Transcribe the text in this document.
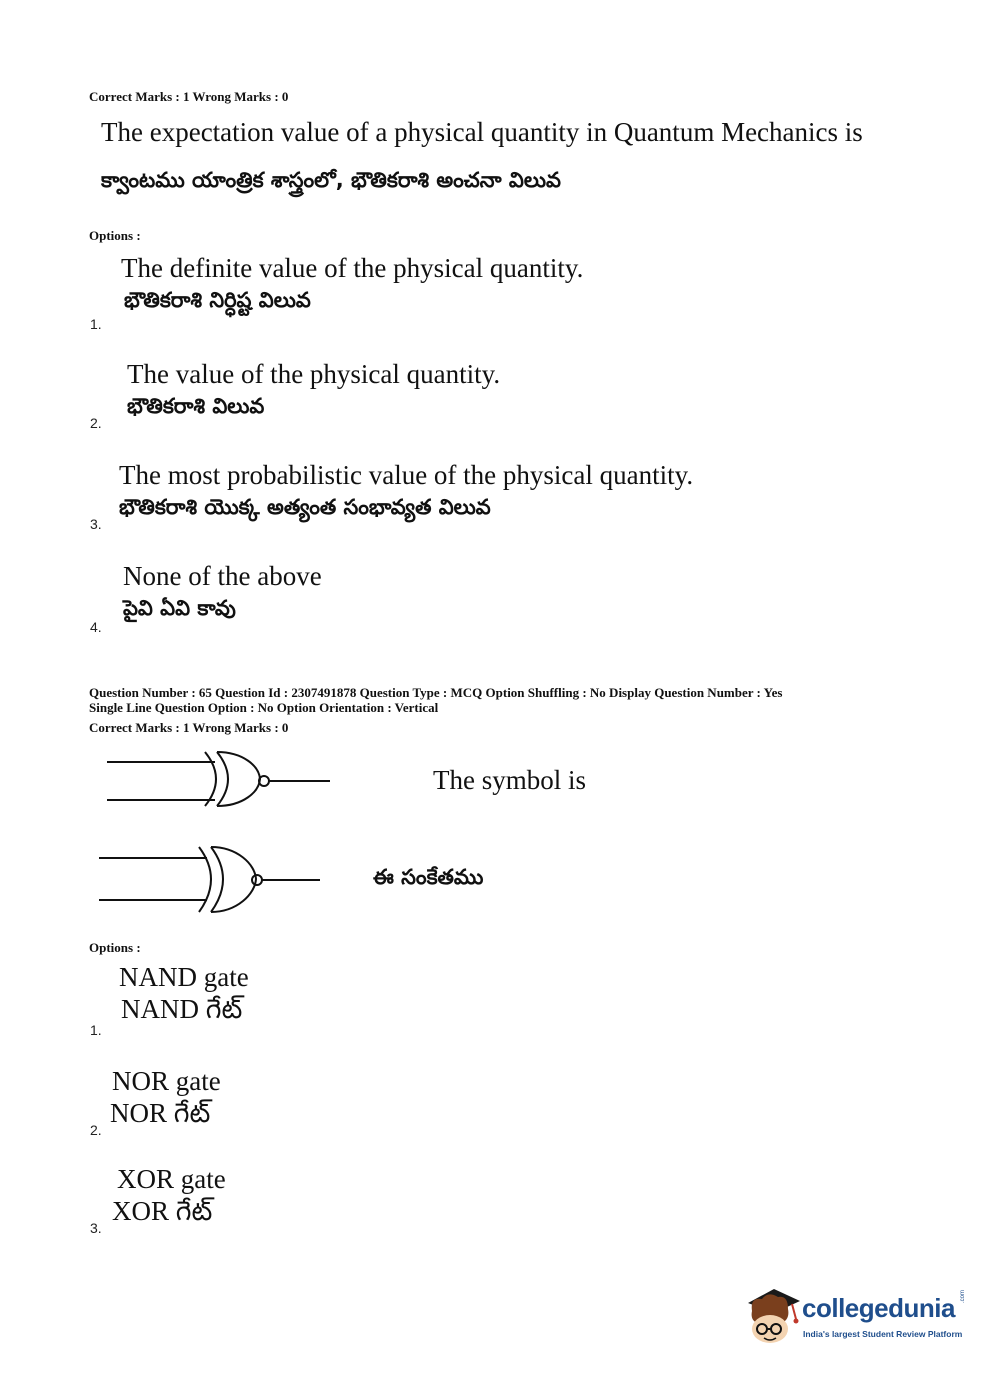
Correct Marks : 1 Wrong Marks : 0
The expectation value of a physical quantity in Quantum Mechanics is
క్వాంటము యాంత్రిక శాస్త్రంలో, భౌతికరాశి అంచనా విలువ
Options :
The definite value of the physical quantity.
భౌతికరాశి నిర్ధిష్ట విలువ
1.
The value of the physical quantity.
భౌతికరాశి విలువ
2.
The most probabilistic value of the physical quantity.
భౌతికరాశి యొక్క అత్యంత సంభావ్యత విలువ
3.
None of the above
పైవి ఏవి కావు
4.
Question Number : 65 Question Id : 2307491878 Question Type : MCQ Option Shuffling : No Display Question Number : Yes
Single Line Question Option : No Option Orientation : Vertical
Correct Marks : 1 Wrong Marks : 0
The symbol is
ఈ సంకేతము
Options :
NAND gate
NAND గేట్
1.
NOR gate
NOR గేట్
2.
XOR gate
XOR గేట్
3.
collegedunia .com
India's largest Student Review Platform
